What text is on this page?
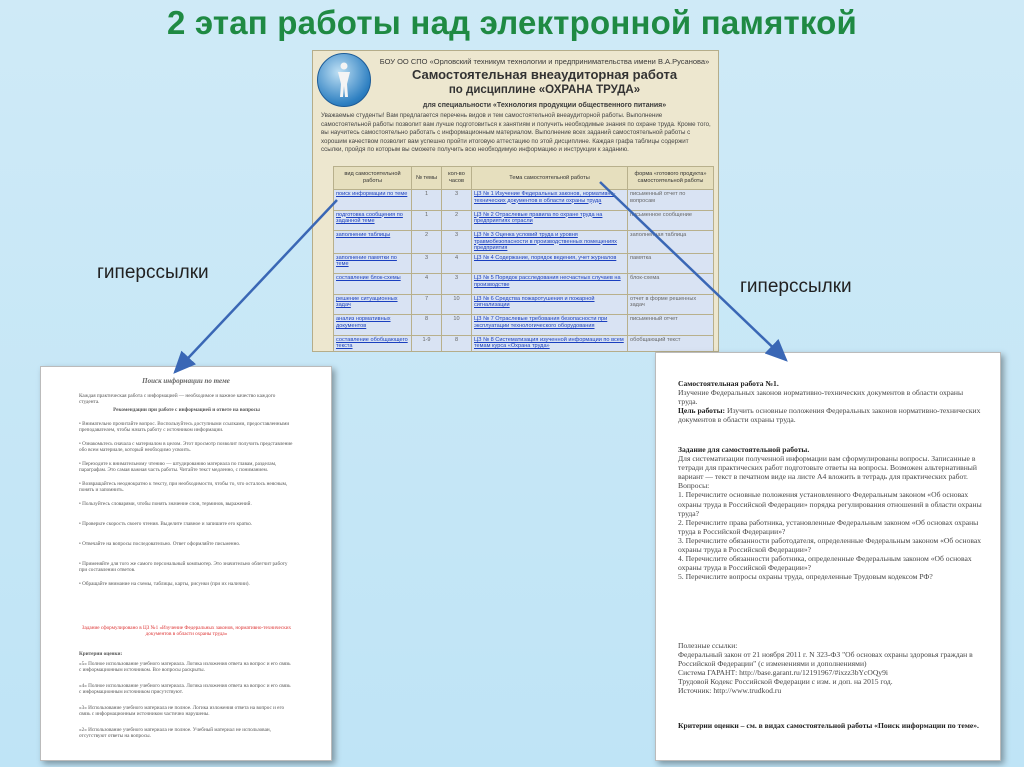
2 этап работы над электронной памяткой
БОУ ОО СПО «Орловский техникум технологии и предпринимательства имени В.А.Русанова»
Самостоятельная внеаудиторная работа
по дисциплине «ОХРАНА ТРУДА»
для специальности «Технология продукции общественного питания»
Уважаемые студенты! Вам предлагается перечень видов и тем самостоятельной внеаудиторной работы. Выполнение самостоятельной работы позволит вам лучше подготовиться к занятиям и получить необходимые знания по охране труда. Кроме того, вы научитесь самостоятельно работать с информационным материалом. Выполнение всех заданий самостоятельной работы с хорошим качеством позволит вам успешно пройти итоговую аттестацию по этой дисциплине. Каждая графа таблицы содержит ссылки, пройдя по которым вы сможете получить всю необходимую информацию и инструкции к заданию.
вид самостоятельной работы	№ темы	кол-во часов	Тема самостоятельной работы	форма «готового продукта» самостоятельной работы
поиск информации по теме	1	3	ЦЗ № 1 Изучение Федеральных законов, нормативно-технических документов в области охраны труда	письменный отчет по вопросам
подготовка сообщения по заданной теме	1	2	ЦЗ № 2 Отраслевые правила по охране труда на предприятиях отрасли	письменное сообщение
заполнение таблицы	2	3	ЦЗ № 3 Оценка условий труда и уровня травмобезопасности в производственных помещениях предприятия	заполненная таблица
заполнение памятки по теме	3	4	ЦЗ № 4 Содержание, порядок ведения, учет журналов	памятка
составление блок-схемы	4	3	ЦЗ № 5 Порядок расследования несчастных случаев на производстве	блок-схема
решение ситуационных задач	7	10	ЦЗ № 6 Средства пожаротушения и пожарной сигнализации	отчет в форме решенных задач
анализ нормативных документов	8	10	ЦЗ № 7 Отраслевые требования безопасности при эксплуатации технологического оборудования	письменный отчет
составление обобщающего текста	1-9	8	ЦЗ № 8 Систематизация изученной информации по всем темам курса «Охрана труда»	обобщающий текст
гиперссылки
гиперссылки
Поиск информации по теме
Каждая практическая работа с информацией — необходимое и важное качество каждого студента.
Рекомендации при работе с информацией и ответе на вопросы
• Внимательно прочитайте вопрос. Воспользуйтесь доступными ссылками, предоставленными преподавателем, чтобы начать работу с источником информации.
• Ознакомьтесь сначала с материалом в целом. Этот просмотр позволит получить представление обо всем материале, который необходимо усвоить.
• Переходите к внимательному чтению — штудированию материала по главам, разделам, параграфам. Это самая важная часть работы. Читайте текст медленно, с пониманием.
• Возвращайтесь неоднократно к тексту, при необходимости, чтобы то, что осталось неясным, понять и запомнить.
• Пользуйтесь словарями, чтобы понять значение слов, терминов, выражений.
• Проверьте скорость своего чтения. Выделите главное и запишите его кратко.
• Отвечайте на вопросы последовательно. Ответ оформляйте письменно.
• Применяйте для того же самого персональный компьютер. Это значительно облегчит работу при составлении ответов.
• Обращайте внимание на схемы, таблицы, карты, рисунки (при их наличии).
Задание сформулировано в ЦЗ №1 «Изучение Федеральных законов, нормативно-технических документов в области охраны труда»
Критерии оценки:
«5» Полное использование учебного материала. Логика изложения ответа на вопрос и его связь с информационным источником. Все вопросы раскрыты.
«4» Полное использование учебного материала. Логика изложения ответа на вопрос и его связь с информационным источником присутствуют.
«3» Использование учебного материала не полное. Логика изложения ответа на вопрос и его связь с информационным источником частично нарушены.
«2» Использование учебного материала не полное. Учебный материал не использован, отсутствуют ответы на вопросы.
Самостоятельная работа №1.
Изучение Федеральных законов нормативно-технических документов в области охраны труда.
Цель работы: Изучить основные положения Федеральных законов нормативно-технических документов в области охраны труда.
Задание для самостоятельной работы.
Для систематизации полученной информации вам сформулированы вопросы. Записанные в тетради для практических работ подготовьте ответы на вопросы. Возможен альтернативный вариант — текст в печатном виде на листе А4 вложить в тетрадь для практических работ.
Вопросы:
1. Перечислите основные положения установленного Федеральным законом «Об основах охраны труда в Российской Федерации» порядка регулирования отношений в области охраны труда?
2. Перечислите права работника, установленные Федеральным законом «Об основах охраны труда в Российской Федерации»?
3. Перечислите обязанности работодателя, определенные Федеральным законом «Об основах охраны труда в Российской Федерации»?
4. Перечислите обязанности работника, определенные Федеральным законом «Об основах охраны труда в Российской Федерации»?
5. Перечислите вопросы охраны труда, определенные Трудовым кодексом РФ?
Полезные ссылки:
Федеральный закон от 21 ноября 2011 г. N 323-ФЗ "Об основах охраны здоровья граждан в Российской Федерации" (с изменениями и дополнениями)
Система ГАРАНТ: http://base.garant.ru/12191967/#ixzz3bYcOQy9i
Трудовой Кодекс Российской Федерации с изм. и доп. на 2015 год.
Источник: http://www.trudkod.ru
Критерии оценки – см. в видах самостоятельной работы «Поиск информации по теме».
